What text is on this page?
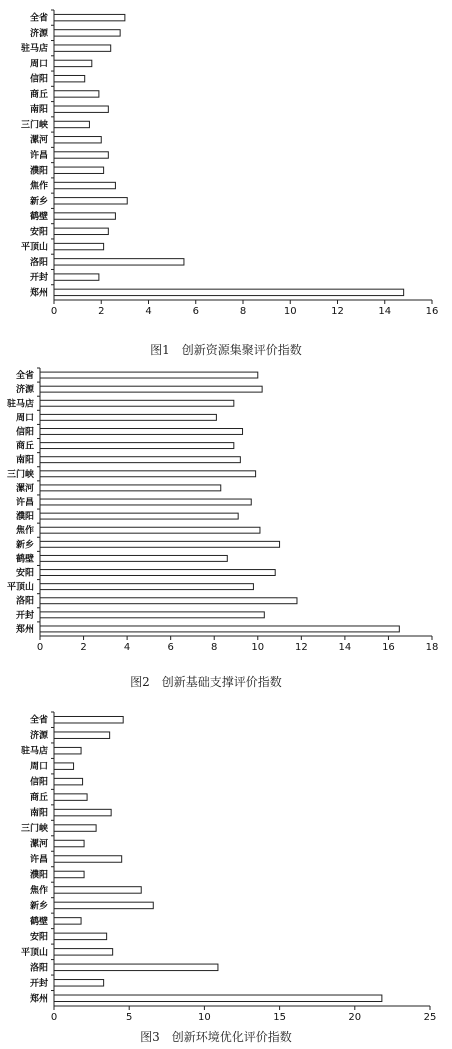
0	2	4	6	8	10	12	14	16
全省
济源
驻马店
周口
信阳
商丘
南阳
三门峡
漯河
许昌
濮阳
焦作
新乡
鹤壁
安阳
平顶山
洛阳
开封
郑州
0	2	4	6	8	10	12	14	16	18
全省
济源
驻马店
周口
信阳
商丘
南阳
三门峡
漯河
许昌
濮阳
焦作
新乡
鹤壁
安阳
平顶山
洛阳
开封
郑州
0	5	10	15	20	25
全省
济源
驻马店
周口
信阳
商丘
南阳
三门峡
漯河
许昌
濮阳
焦作
新乡
鹤壁
安阳
平顶山
洛阳
开封
郑州
图1　创新资源集聚评价指数
图2　创新基础支撑评价指数
图3　创新环境优化评价指数
